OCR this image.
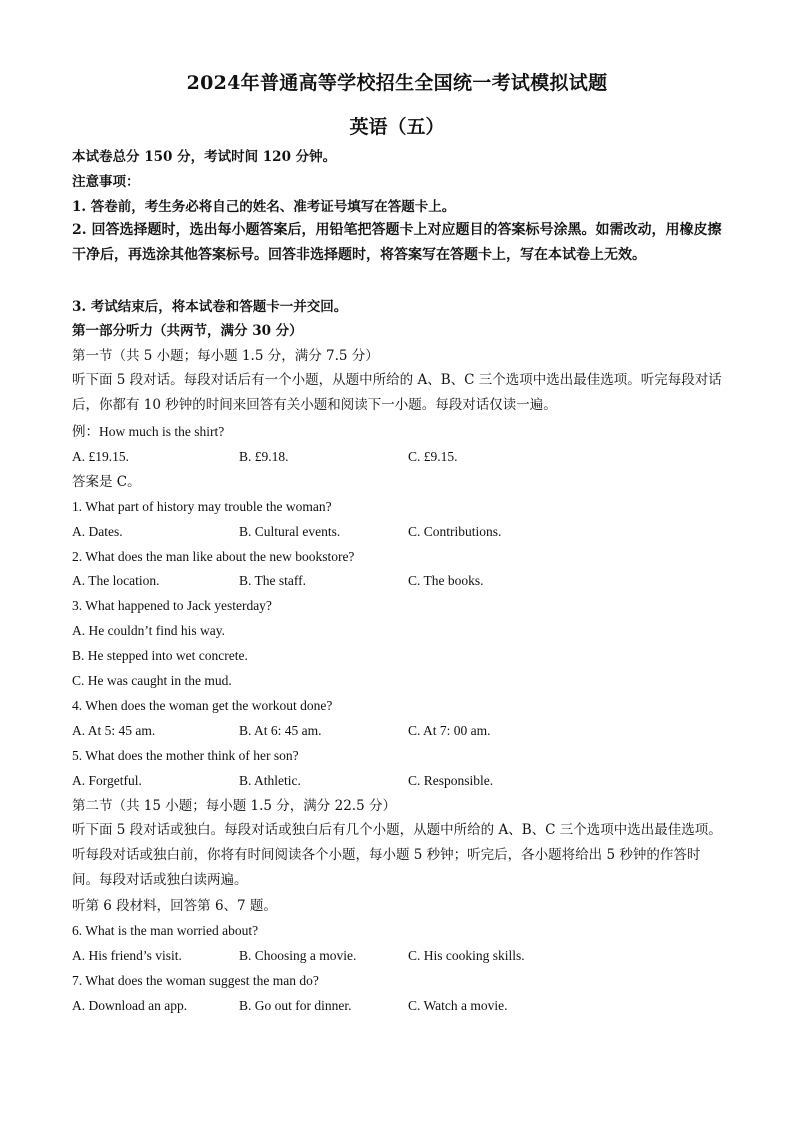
2024年普通高等学校招生全国统一考试模拟试题
英语（五）
本试卷总分 150 分，考试时间 120 分钟。
注意事项：
1. 答卷前，考生务必将自己的姓名、准考证号填写在答题卡上。
2. 回答选择题时，选出每小题答案后，用铅笔把答题卡上对应题目的答案标号涂黑。如需改动，用橡皮擦干净后，再选涂其他答案标号。回答非选择题时，将答案写在答题卡上，写在本试卷上无效。
3. 考试结束后，将本试卷和答题卡一并交回。
第一部分听力（共两节，满分 30 分）
第一节（共 5 小题；每小题 1.5 分，满分 7.5 分）
听下面 5 段对话。每段对话后有一个小题，从题中所给的 A、B、C 三个选项中选出最佳选项。听完每段对话后，你都有 10 秒钟的时间来回答有关小题和阅读下一小题。每段对话仅读一遍。
例：How much is the shirt?
A. £19.15.	B. £9.18.	C. £9.15.
答案是 C。
1. What part of history may trouble the woman?
A. Dates.	B. Cultural events.	C. Contributions.
2. What does the man like about the new bookstore?
A. The location.	B. The staff.	C. The books.
3. What happened to Jack yesterday?
A. He couldn’t find his way.
B. He stepped into wet concrete.
C. He was caught in the mud.
4. When does the woman get the workout done?
A. At 5: 45 am.	B. At 6: 45 am.	C. At 7: 00 am.
5. What does the mother think of her son?
A. Forgetful.	B. Athletic.	C. Responsible.
第二节（共 15 小题；每小题 1.5 分，满分 22.5 分）
听下面 5 段对话或独白。每段对话或独白后有几个小题，从题中所给的 A、B、C 三个选项中选出最佳选项。听每段对话或独白前，你将有时间阅读各个小题，每小题 5 秒钟；听完后，各小题将给出 5 秒钟的作答时间。每段对话或独白读两遍。
听第 6 段材料，回答第 6、7 题。
6. What is the man worried about?
A. His friend’s visit.	B. Choosing a movie.	C. His cooking skills.
7. What does the woman suggest the man do?
A. Download an app.	B. Go out for dinner.	C. Watch a movie.
